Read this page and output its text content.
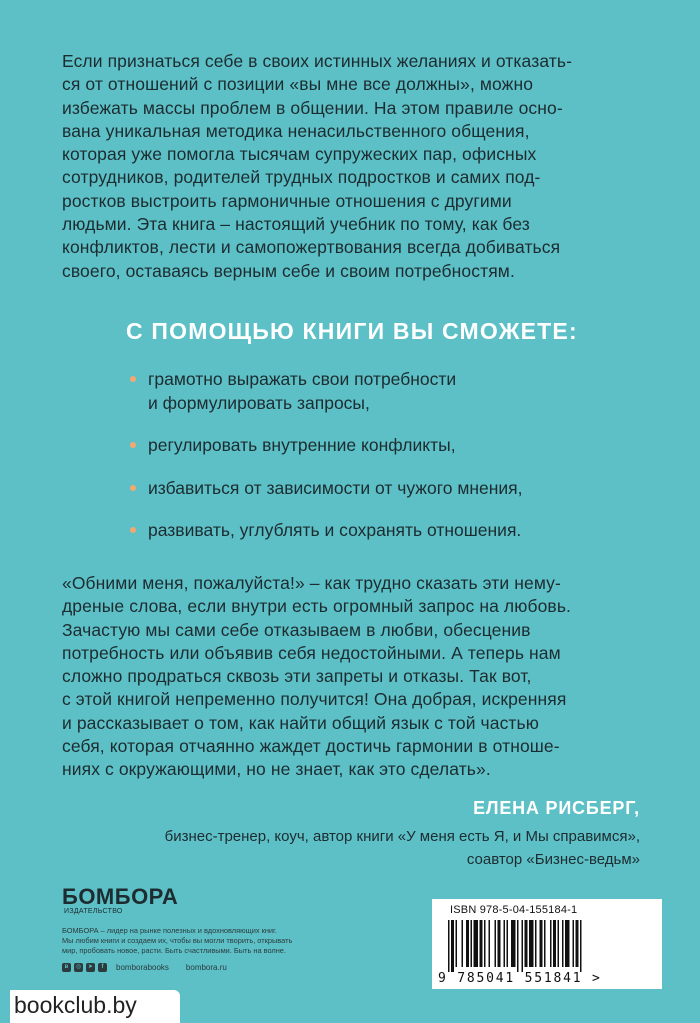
Если признаться себе в своих истинных желаниях и отказать-
ся от отношений с позиции «вы мне все должны», можно
избежать массы проблем в общении. На этом правиле осно-
вана уникальная методика ненасильственного общения,
которая уже помогла тысячам супружеских пар, офисных
сотрудников, родителей трудных подростков и самих под-
ростков выстроить гармоничные отношения с другими
людьми. Эта книга – настоящий учебник по тому, как без
конфликтов, лести и самопожертвования всегда добиваться
своего, оставаясь верным себе и своим потребностям.
С ПОМОЩЬЮ КНИГИ ВЫ СМОЖЕТЕ:
грамотно выражать свои потребности
и формулировать запросы,
регулировать внутренние конфликты,
избавиться от зависимости от чужого мнения,
развивать, углублять и сохранять отношения.
«Обними меня, пожалуйста!» – как трудно сказать эти нему-
дреные слова, если внутри есть огромный запрос на любовь.
Зачастую мы сами себе отказываем в любви, обесценив
потребность или объявив себя недостойными. А теперь нам
сложно продраться сквозь эти запреты и отказы. Так вот,
с этой книгой непременно получится! Она добрая, искренняя
и рассказывает о том, как найти общий язык с той частью
себя, которая отчаянно жаждет достичь гармонии в отноше-
ниях с окружающими, но не знает, как это сделать».
ЕЛЕНА РИСБЕРГ,
бизнес-тренер, коуч, автор книги «У меня есть Я, и Мы справимся»,
соавтор «Бизнес-ведьм»
БОМБОРА
ИЗДАТЕЛЬСТВО
БОМБОРА – лидер на рынке полезных и вдохновляющих книг.
Мы любим книги и создаем их, чтобы вы могли творить, открывать
мир, пробовать новое, расти. Быть счастливыми. Быть на волне.
в	◎	➤	f	bomborabooks bombora.ru
ISBN 978-5-04-155184-1
9 785041 551841 >
bookclub.by
